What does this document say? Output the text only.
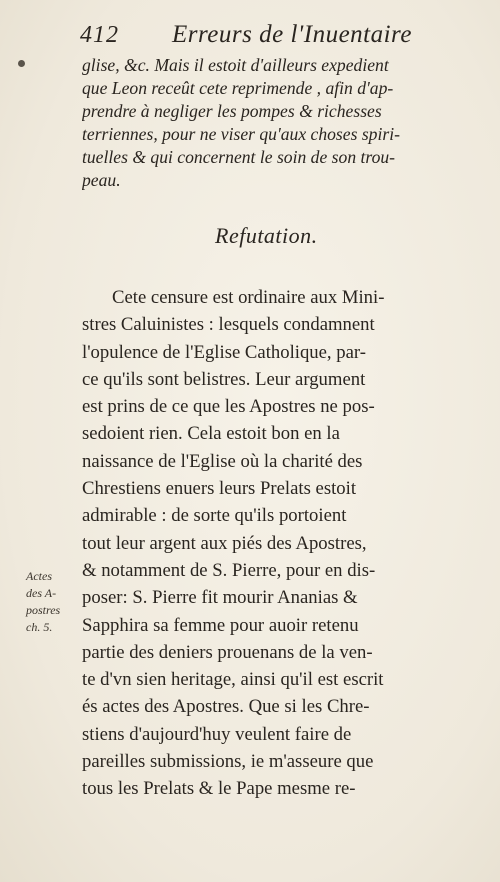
412 Erreurs de l'Inuentaire
glise, &c. Mais il estoit d'ailleurs expedient
que Leon receût cete reprimende , afin d'ap-
prendre à negliger les pompes & richesses
terriennes, pour ne viser qu'aux choses spiri-
tuelles & qui concernent le soin de son trou-
peau.
Refutation.
Cete censure est ordinaire aux Mini-
stres Caluinistes : lesquels condamnent
l'opulence de l'Eglise Catholique, par-
ce qu'ils sont belistres. Leur argument
est prins de ce que les Apostres ne pos-
sedoient rien. Cela estoit bon en la
naissance de l'Eglise où la charité des
Chrestiens enuers leurs Prelats estoit
admirable : de sorte qu'ils portoient
tout leur argent aux piés des Apostres,
& notamment de S. Pierre, pour en dis-
poser: S. Pierre fit mourir Ananias &
Sapphira sa femme pour auoir retenu
partie des deniers prouenans de la ven-
te d'vn sien heritage, ainsi qu'il est escrit
és actes des Apostres. Que si les Chre-
stiens d'aujourd'huy veulent faire de
pareilles submissions, ie m'asseure que
tous les Prelats & le Pape mesme re-
Actes
des A-
postres
ch. 5.
